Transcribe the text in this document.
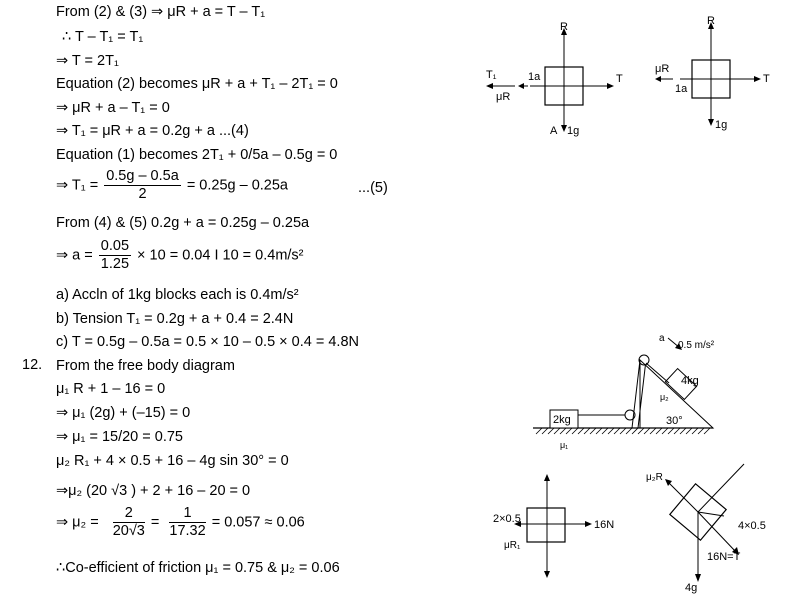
From (2) & (3) ⇒ μR + a = T – T₁
∴ T – T₁ = T₁
⇒ T = 2T₁
Equation (2) becomes μR + a + T₁ – 2T₁ = 0
⇒ μR + a – T₁ = 0
⇒ T₁ = μR + a = 0.2g + a ...(4)
Equation (1) becomes 2T₁ + 0/5a – 0.5g = 0
⇒ $T_1 = \frac{0.5g - 0.5a}{2} = 0.25g - 0.25a$	...(5)
From (4) & (5) 0.2g + a = 0.25g – 0.25a
⇒ $a = \frac{0.05}{1.25} \times 10 = 0.04$ I 10 = 0.4m/s²
a) Accln of 1kg blocks each is 0.4m/s²
b) Tension T₁ = 0.2g + a + 0.4 = 2.4N
c) T = 0.5g – 0.5a = 0.5 × 10 – 0.5 × 0.4 = 4.8N
12. From the free body diagram
μ₁ R + 1 – 16 = 0
⇒ μ₁ (2g) + (–15) = 0
⇒ μ₁ = 15/20 = 0.75
μ₂ R₁ + 4 × 0.5 + 16 – 4g sin 30° = 0
⇒μ₂ (20 √3 ) + 2 + 16 – 20 = 0
⇒ $\mu_2 = \frac{2}{20√3} = \frac{1}{17.32} = 0.057 \approx 0.06$
∴Co-efficient of friction μ₁ = 0.75 & μ₂ = 0.06
R
T₁	1a	T
μR
A 1g
R
μR
1a
T
1g
2kg
4kg
μ₂
30°
μ₁
a
0.5 m/s²
2×0.5	16N
μR₁
μ₂R
4×0.5
16N=T
4g
